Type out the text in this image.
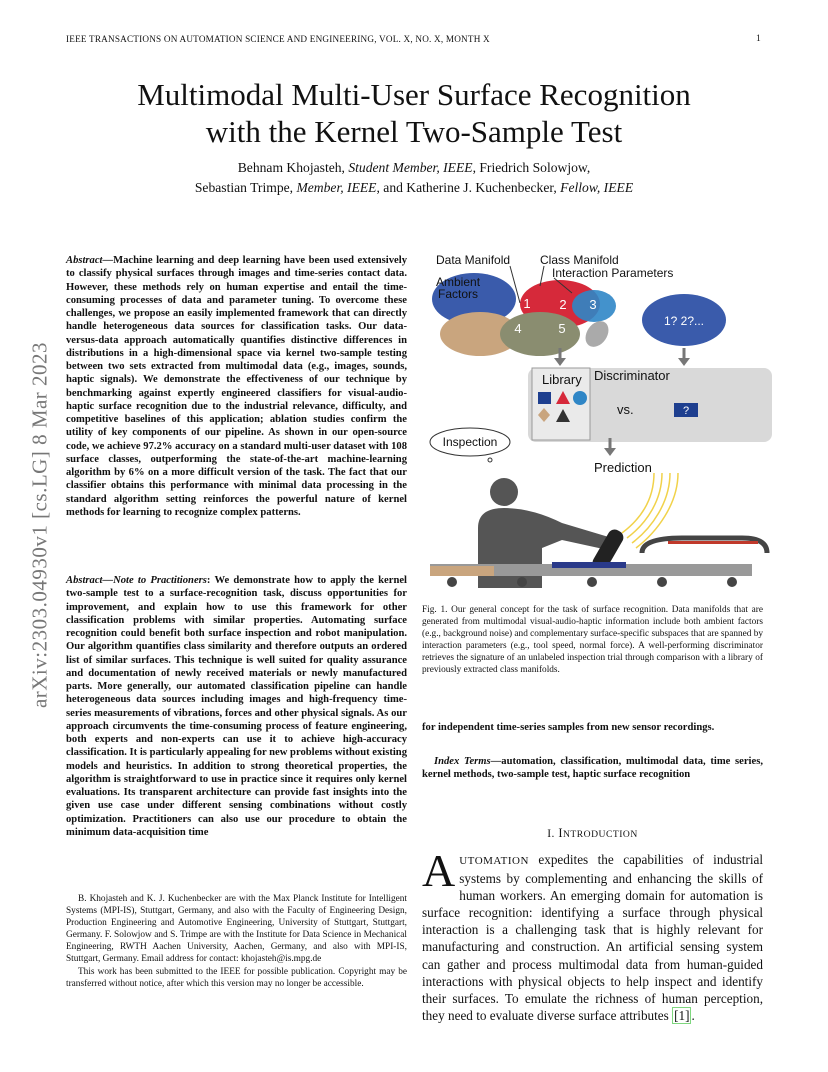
IEEE TRANSACTIONS ON AUTOMATION SCIENCE AND ENGINEERING, VOL. X, NO. X, MONTH X	1
arXiv:2303.04930v1 [cs.LG] 8 Mar 2023
Multimodal Multi-User Surface Recognition
with the Kernel Two-Sample Test
Behnam Khojasteh, Student Member, IEEE, Friedrich Solowjow,
Sebastian Trimpe, Member, IEEE, and Katherine J. Kuchenbecker, Fellow, IEEE
Abstract—Machine learning and deep learning have been used extensively to classify physical surfaces through images and time-series contact data. However, these methods rely on human expertise and entail the time-consuming processes of data and parameter tuning. To overcome these challenges, we propose an easily implemented framework that can directly handle heterogeneous data sources for classification tasks. Our data-versus-data approach automatically quantifies distinctive differences in distributions in a high-dimensional space via kernel two-sample testing between two sets extracted from multimodal data (e.g., images, sounds, haptic signals). We demonstrate the effectiveness of our technique by benchmarking against expertly engineered classifiers for visual-audio-haptic surface recognition due to the industrial relevance, difficulty, and competitive baselines of this application; ablation studies confirm the utility of key components of our pipeline. As shown in our open-source code, we achieve 97.2% accuracy on a standard multi-user dataset with 108 surface classes, outperforming the state-of-the-art machine-learning algorithm by 6% on a more difficult version of the task. The fact that our classifier obtains this performance with minimal data processing in the standard algorithm setting reinforces the powerful nature of kernel methods for learning to recognize complex patterns.
Abstract—Note to Practitioners: We demonstrate how to apply the kernel two-sample test to a surface-recognition task, discuss opportunities for improvement, and explain how to use this framework for other classification problems with similar properties. Automating surface recognition could benefit both surface inspection and robot manipulation. Our algorithm quantifies class similarity and therefore outputs an ordered list of similar surfaces. This technique is well suited for quality assurance and documentation of newly received materials or newly manufactured parts. More generally, our automated classification pipeline can handle heterogeneous data sources including images and high-frequency time-series measurements of vibrations, forces and other physical signals. As our approach circumvents the time-consuming process of feature engineering, both experts and non-experts can use it to achieve high-accuracy classification. It is particularly appealing for new problems without existing models and heuristics. In addition to strong theoretical properties, the algorithm is straightforward to use in practice since it requires only kernel evaluations. Its transparent architecture can provide fast insights into the given use case under different sensing combinations without costly optimization. Practitioners can also use our procedure to obtain the minimum data-acquisition time

B. Khojasteh and K. J. Kuchenbecker are with the Max Planck Institute for Intelligent Systems (MPI-IS), Stuttgart, Germany, and also with the Faculty of Engineering Design, Production Engineering and Automotive Engineering, University of Stuttgart, Stuttgart, Germany. F. Solowjow and S. Trimpe are with the Institute for Data Science in Mechanical Engineering, RWTH Aachen University, Aachen, Germany, and also with MPI-IS, Stuttgart, Germany. Email address for contact: khojasteh@is.mpg.de

This work has been submitted to the IEEE for possible publication. Copyright may be transferred without notice, after which this version may no longer be accessible.

1 2 3
4	5
Data Manifold Class Manifold
Interaction Parameters
Ambient
Factors
1? 2?...
Discriminator
Library
vs.	?
Inspection
Prediction
Fig. 1. Our general concept for the task of surface recognition. Data manifolds that are generated from multimodal visual-audio-haptic information include both ambient factors (e.g., background noise) and complementary surface-specific subspaces that are spanned by interaction parameters (e.g., tool speed, normal force). A well-performing discriminator retrieves the signature of an unlabeled inspection trial through comparison with a library of previously extracted class manifolds.
for independent time-series samples from new sensor recordings.
Index Terms—automation, classification, multimodal data, time series, kernel methods, two-sample test, haptic surface recognition
I. INTRODUCTION
AUTOMATION expedites the capabilities of industrial systems by complementing and enhancing the skills of human workers. An emerging domain for automation is surface recognition: identifying a surface through physical interaction is a challenging task that is highly relevant for manufacturing and construction. An artificial sensing system can gather and process multimodal data from human-guided interactions with physical objects to help inspect and identify their surfaces. To emulate the richness of human perception, they need to evaluate diverse surface attributes [1] .
